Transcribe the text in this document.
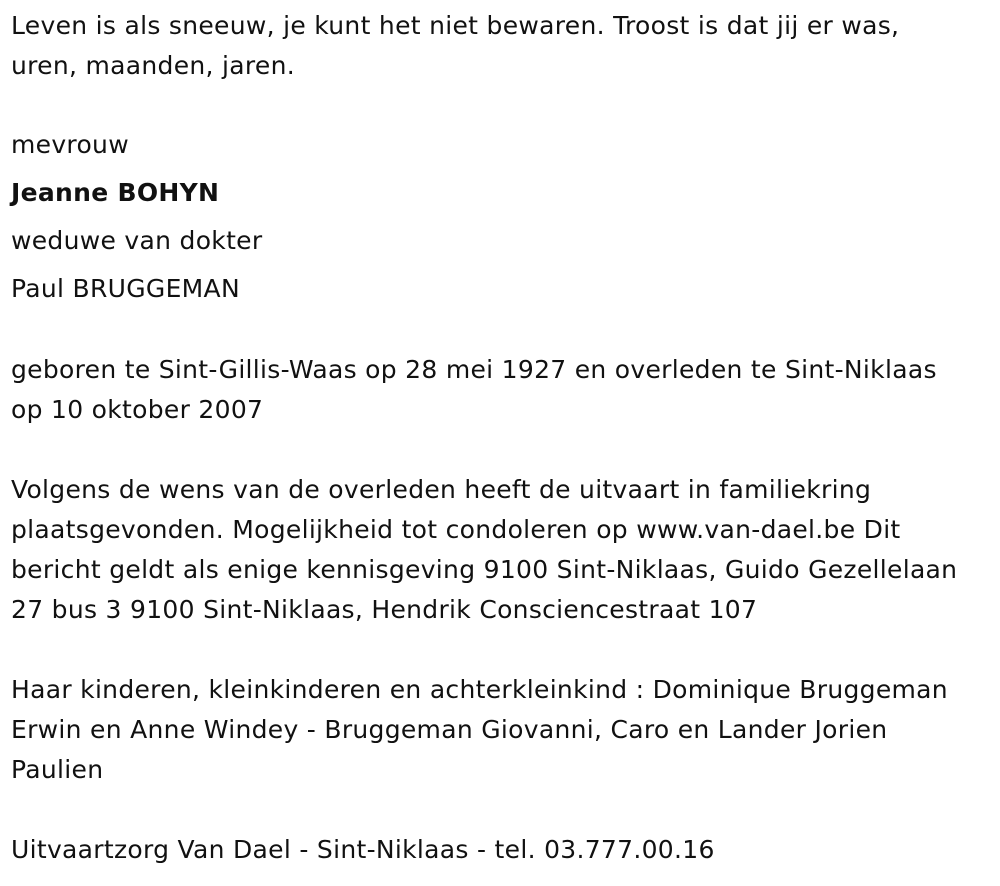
Leven is als sneeuw, je kunt het niet bewaren. Troost is dat jij er was,
uren, maanden, jaren.
mevrouw
Jeanne BOHYN
weduwe van dokter
Paul BRUGGEMAN
geboren te Sint-Gillis-Waas op 28 mei 1927 en overleden te Sint-Niklaas
op 10 oktober 2007
Volgens de wens van de overleden heeft de uitvaart in familiekring
plaatsgevonden. Mogelijkheid tot condoleren op www.van-dael.be Dit
bericht geldt als enige kennisgeving 9100 Sint-Niklaas, Guido Gezellelaan
27 bus 3 9100 Sint-Niklaas, Hendrik Consciencestraat 107
Haar kinderen, kleinkinderen en achterkleinkind : Dominique Bruggeman
Erwin en Anne Windey - Bruggeman Giovanni, Caro en Lander Jorien
Paulien
Uitvaartzorg Van Dael - Sint-Niklaas - tel. 03.777.00.16
